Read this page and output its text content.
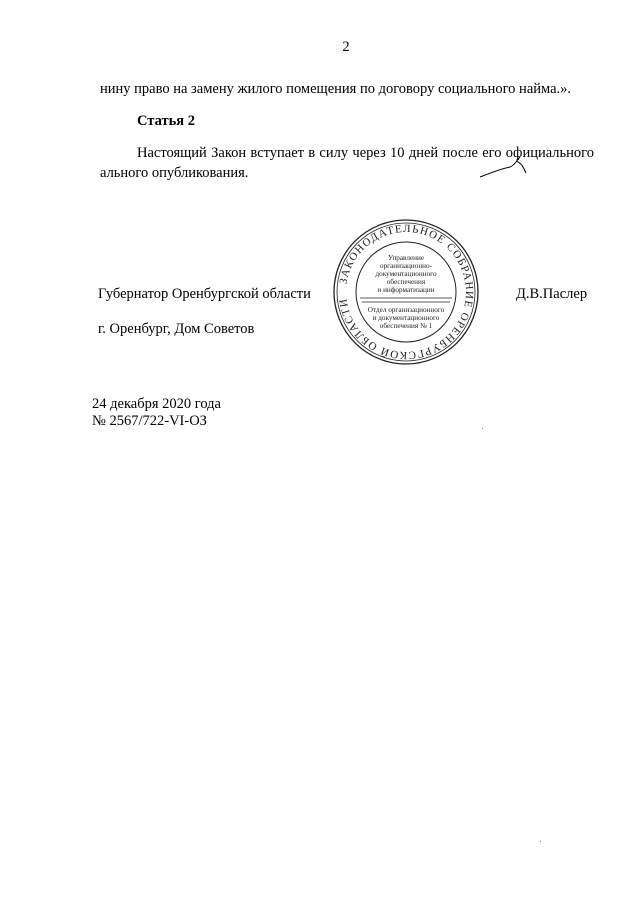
2
нину право на замену жилого помещения по договору социального найма.».
Статья 2
Настоящий Закон вступает в силу через 10 дней после его официального
ального опубликования.
Губернатор Оренбургской области	Д.В.Паслер
г. Оренбург, Дом Советов
ЗАКОНОДАТЕЛЬНОЕ СОБРАНИЕ ОРЕНБУРГСКОЙ ОБЛАСТИ
Управление
организационно-
документационного
обеспечения
и информатизации
Отдел организационного
и документационного
обеспечения № 1
24 декабря 2020 года
№ 2567/722-VI-ОЗ
